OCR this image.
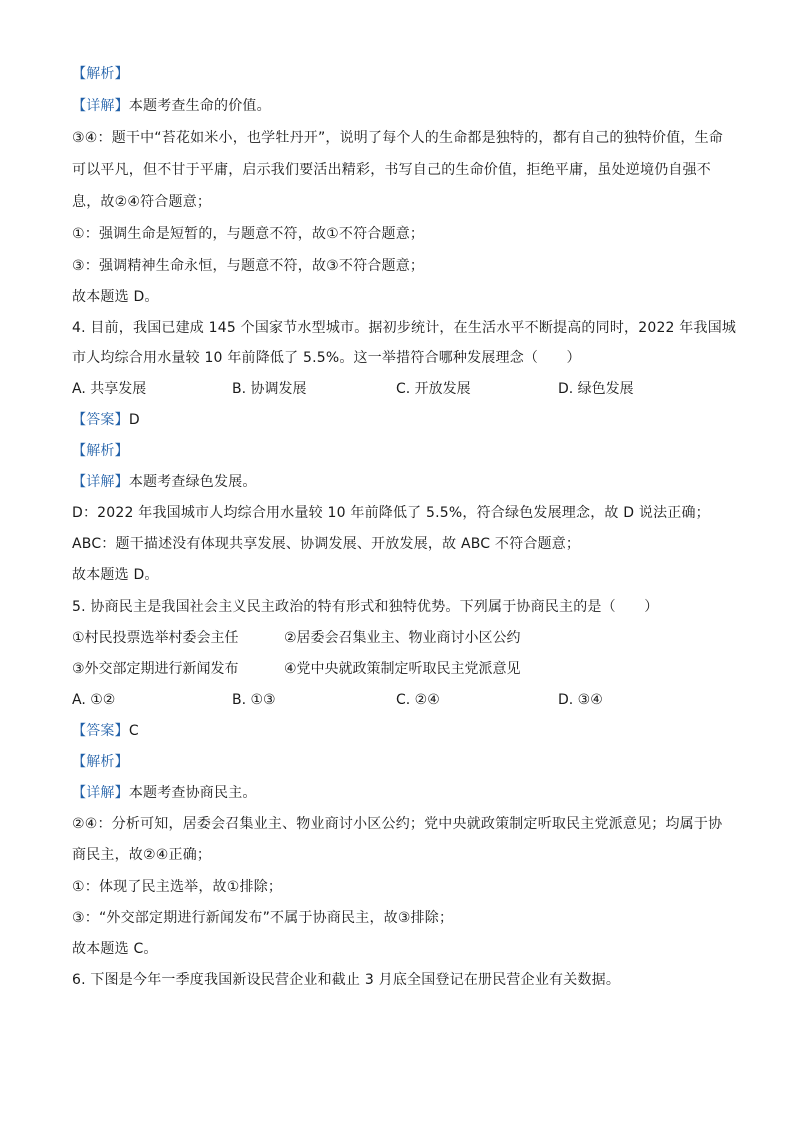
【解析】
【详解】本题考查生命的价值。
③④：题干中“苔花如米小，也学牡丹开”，说明了每个人的生命都是独特的，都有自己的独特价值，生命
可以平凡，但不甘于平庸，启示我们要活出精彩，书写自己的生命价值，拒绝平庸，虽处逆境仍自强不
息，故②④符合题意；
①：强调生命是短暂的，与题意不符，故①不符合题意；
③：强调精神生命永恒，与题意不符，故③不符合题意；
故本题选 D。
4. 目前，我国已建成 145 个国家节水型城市。据初步统计，在生活水平不断提高的同时，2022 年我国城
市人均综合用水量较 10 年前降低了 5.5%。这一举措符合哪种发展理念（　　）
A. 共享发展	B. 协调发展	C. 开放发展	D. 绿色发展
【答案】D
【解析】
【详解】本题考查绿色发展。
D：2022 年我国城市人均综合用水量较 10 年前降低了 5.5%，符合绿色发展理念，故 D 说法正确；
ABC：题干描述没有体现共享发展、协调发展、开放发展，故 ABC 不符合题意；
故本题选 D。
5. 协商民主是我国社会主义民主政治的特有形式和独特优势。下列属于协商民主的是（　　）
①村民投票选举村委会主任	②居委会召集业主、物业商讨小区公约
③外交部定期进行新闻发布	④党中央就政策制定听取民主党派意见
A. ①②	B. ①③	C. ②④	D. ③④
【答案】C
【解析】
【详解】本题考查协商民主。
②④：分析可知，居委会召集业主、物业商讨小区公约；党中央就政策制定听取民主党派意见；均属于协
商民主，故②④正确；
①：体现了民主选举，故①排除；
③：“外交部定期进行新闻发布”不属于协商民主，故③排除；
故本题选 C。
6. 下图是今年一季度我国新设民营企业和截止 3 月底全国登记在册民营企业有关数据。
